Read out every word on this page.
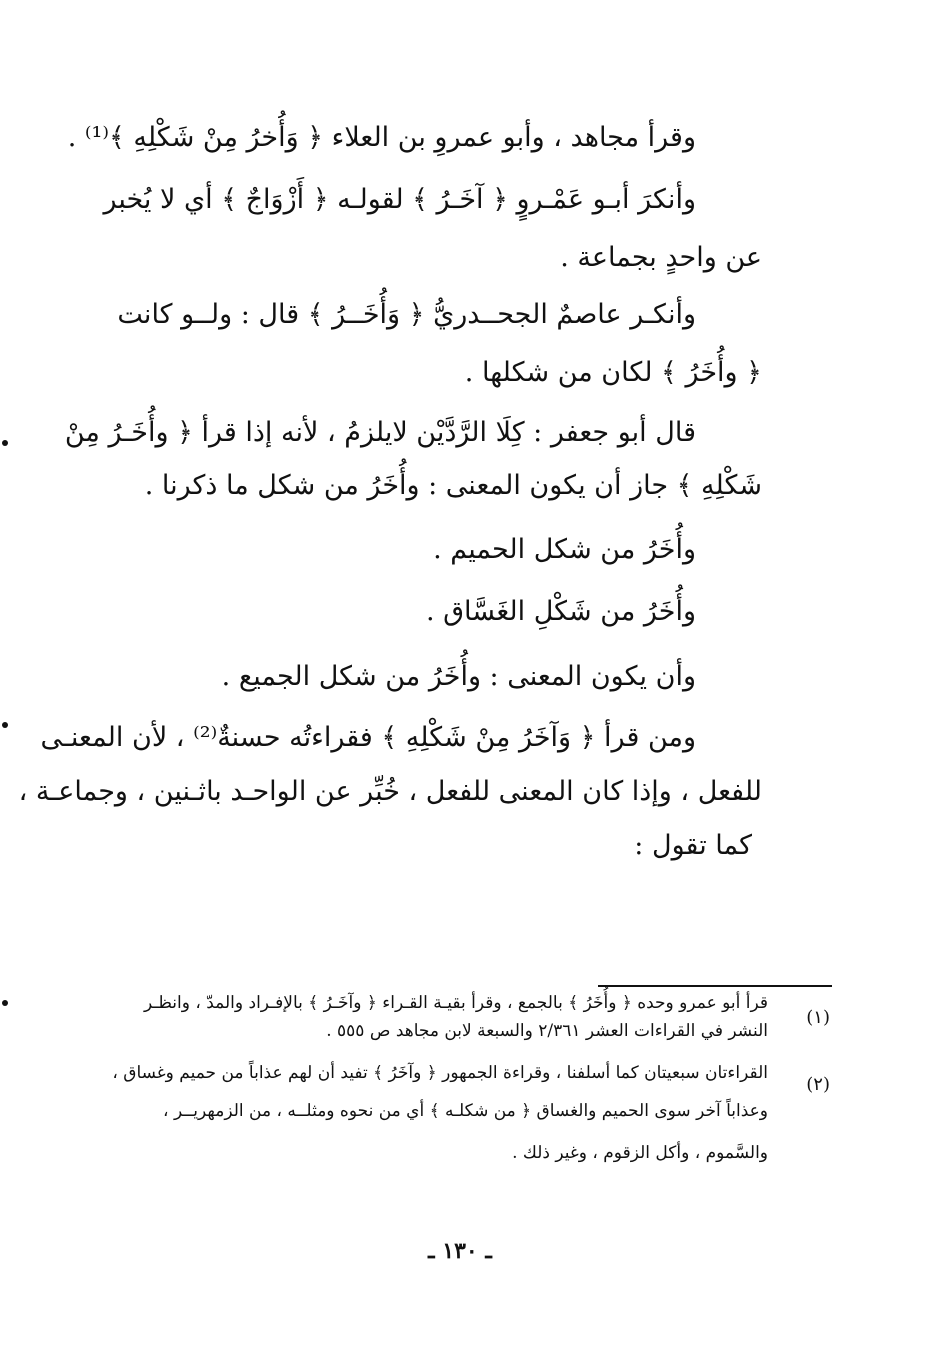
وقرأ مجاهد ، وأبو عمروِ بن العلاء ﴿ وَأُخرُ مِنْ شَكْلِهِ ﴾⁽¹⁾ .
وأنكرَ أبـو عَمْـروٍ ﴿ آخَـرُ ﴾ لقولـه ﴿ أَزْوَاجٌ ﴾ أي لا يُخبر
عن واحدٍ بجماعة .
وأنكـر عاصمٌ الجحــدريُّ ﴿ وَأُخَــرُ ﴾ قال : ولــو كانت
﴿ وأُخَرُ ﴾ لكان من شكلها .
قال أبو جعفر : كِلَا الرَّدَّيْن لايلزمُ ، لأنه إذا قرأ ﴿ وأُخَـرُ مِنْ
شَكْلِهِ ﴾ جاز أن يكون المعنى : وأُخَرُ من شكل ما ذكرنا .
وأُخَرُ من شكل الحميم .
وأُخَرُ من شَكْلِ الغَسَّاق .
وأن يكون المعنى : وأُخَرُ من شكل الجميع .
ومن قرأ ﴿ وَآخَرُ مِنْ شَكْلِهِ ﴾ فقراءتُه حسنةٌ⁽²⁾ ، لأن المعنـى
للفعل ، وإذا كان المعنى للفعل ، خُبِّر عن الواحـد باثـنين ، وجماعـة ،
كما تقول :
(١)
قرأ أبو عمرو وحده ﴿ وأُخَرُ ﴾ بالجمع ، وقرأ بقيـة القـراء ﴿ وآخَـرُ ﴾ بالإفـراد والمدّ ، وانظـر
النشر في القراءات العشر ٢/٣٦١ والسبعة لابن مجاهد ص ٥٥٥ .
(٢)
القراءتان سبعيتان كما أسلفنا ، وقراءة الجمهور ﴿ وآخَرُ ﴾ تفيد أن لهم عذاباً من حميم وغساق ،
وعذاباً آخر سوى الحميم والغساق ﴿ من شكلـه ﴾ أي من نحوه ومثلــه ، من الزمهريــر ،
والسَّموم ، وأكل الزقوم ، وغير ذلك .
ـ ١٣٠ ـ
